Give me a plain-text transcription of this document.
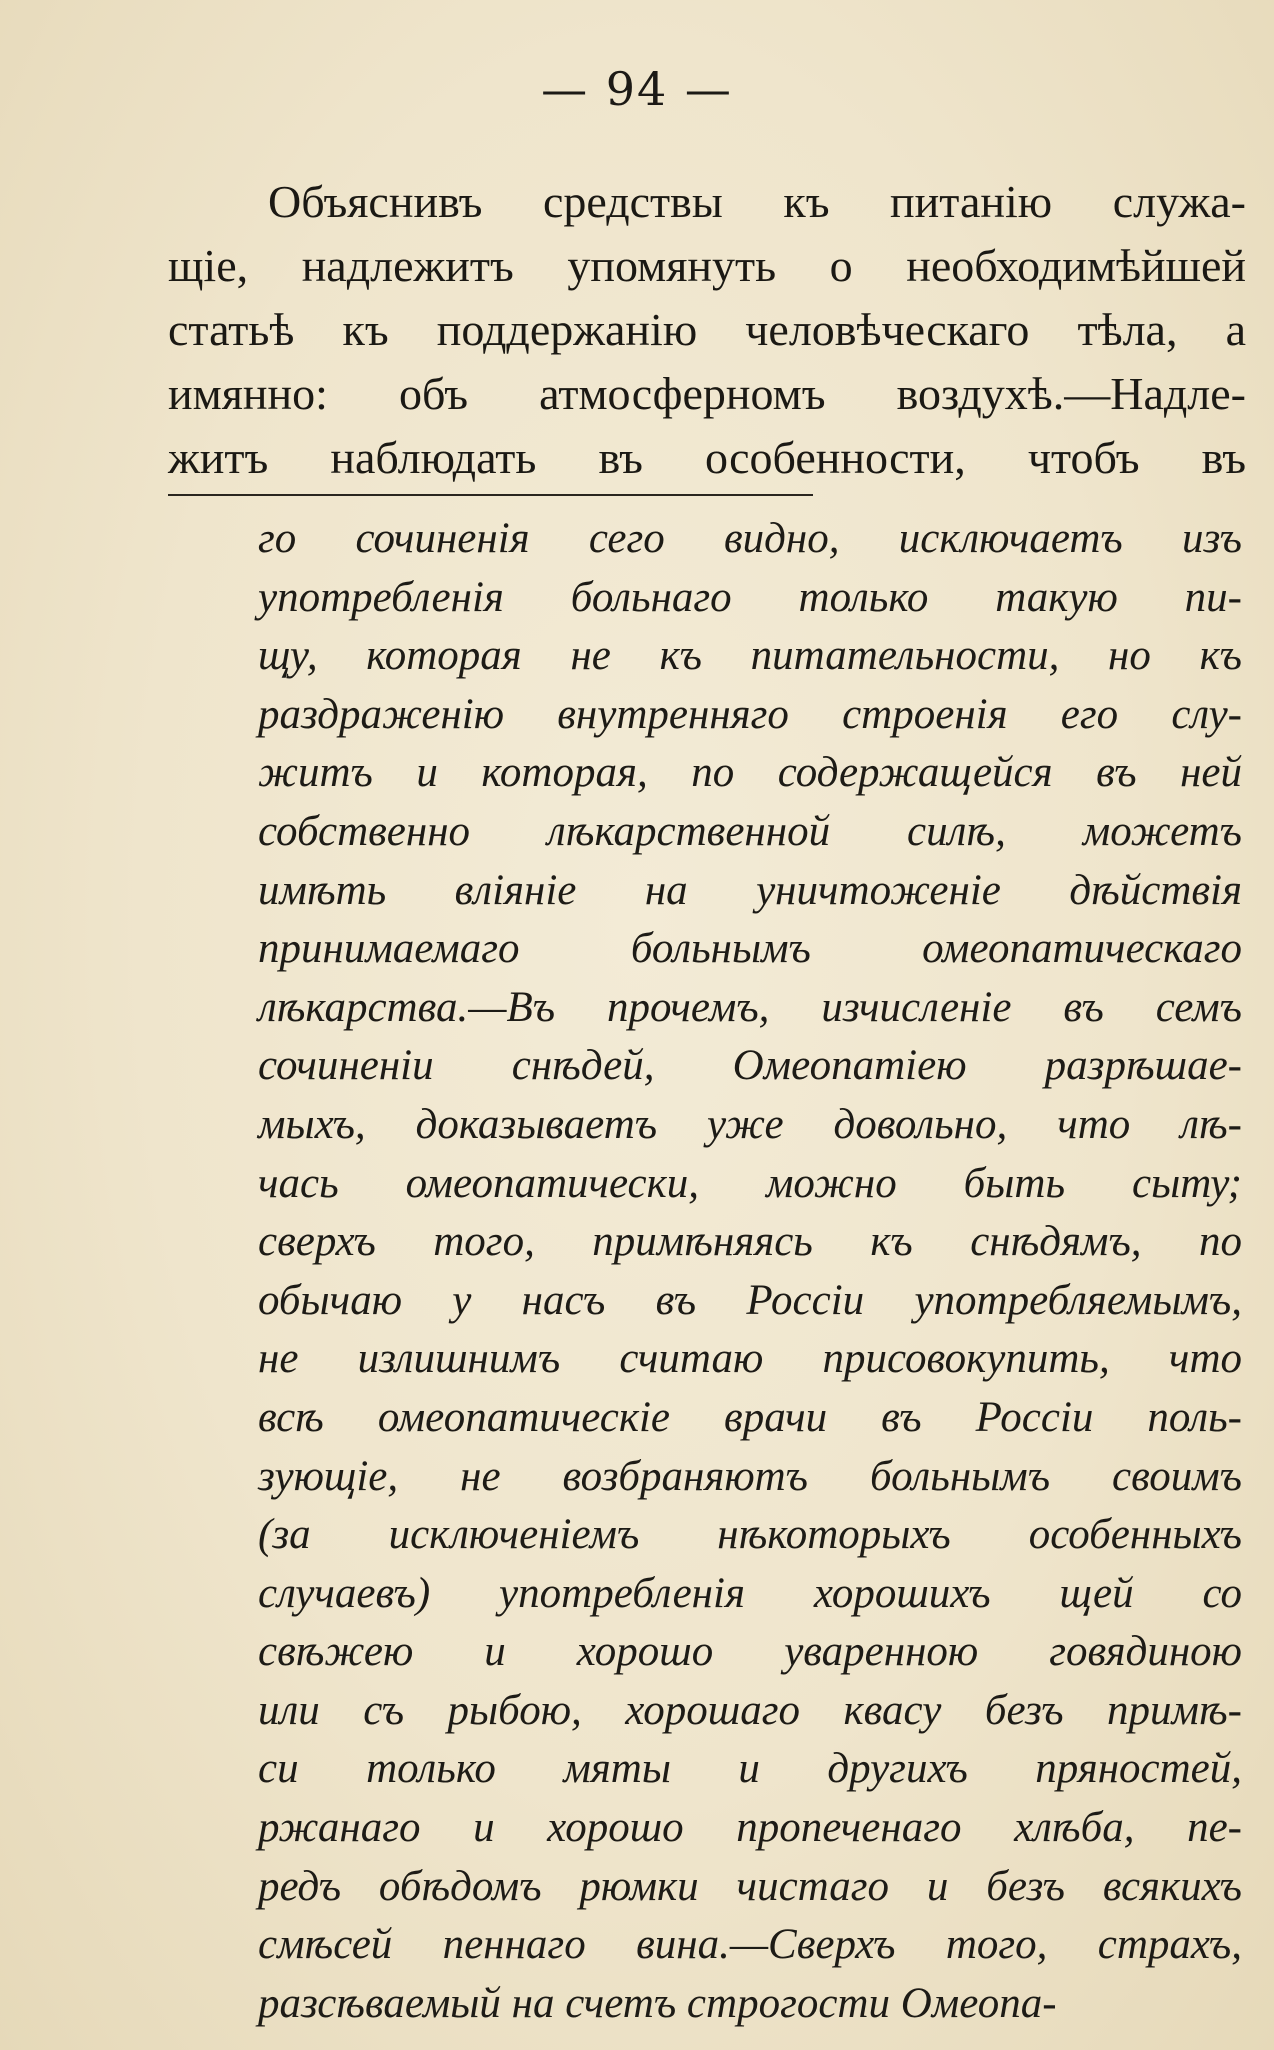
— 94 —
Объяснивъ средствы къ питанію служа-
щіе, надлежитъ упомянуть о необходимѣйшей
статьѣ къ поддержанію человѣческаго тѣла, а
имянно: объ атмосферномъ воздухѣ.—Надле-
житъ наблюдать въ особенности, чтобъ въ
го сочиненія сего видно, исключаетъ изъ
употребленія больнаго только такую пи-
щу, которая не къ питательности, но къ
раздраженію внутренняго строенія его слу-
житъ и которая, по содержащейся въ ней
собственно лѣкарственной силѣ, можетъ
имѣть вліяніе на уничтоженіе дѣйствія
принимаемаго больнымъ омеопатическаго
лѣкарства.—Въ прочемъ, изчисленіе въ семъ
сочиненіи снѣдей, Омеопатіею разрѣшае-
мыхъ, доказываетъ уже довольно, что лѣ-
чась омеопатически, можно быть сыту;
сверхъ того, примѣняясь къ снѣдямъ, по
обычаю у насъ въ Россіи употребляемымъ,
не излишнимъ считаю присовокупить, что
всѣ омеопатическіе врачи въ Россіи поль-
зующіе, не возбраняютъ больнымъ своимъ
(за исключеніемъ нѣкоторыхъ особенныхъ
случаевъ) употребленія хорошихъ щей со
свѣжею и хорошо уваренною говядиною
или съ рыбою, хорошаго квасу безъ примѣ-
си только мяты и другихъ пряностей,
ржанаго и хорошо пропеченаго хлѣба, пе-
редъ обѣдомъ рюмки чистаго и безъ всякихъ
смѣсей пеннаго вина.—Сверхъ того, страхъ,
разсѣваемый на счетъ строгости Омеопа-
